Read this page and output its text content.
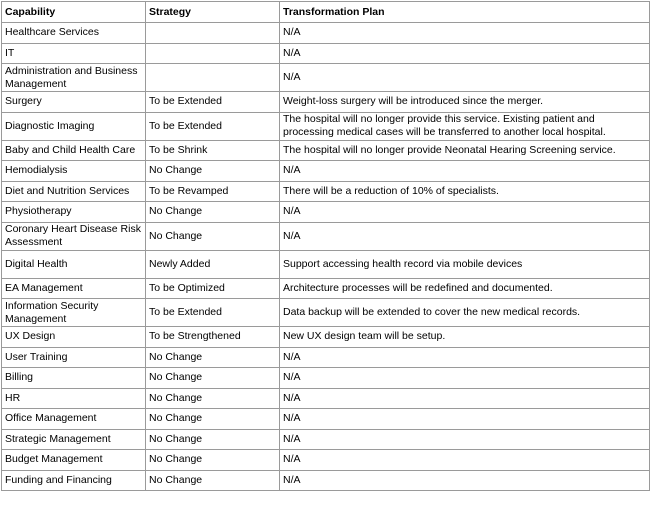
Capability	Strategy	Transformation Plan
Healthcare Services		N/A
IT		N/A
Administration and Business Management		N/A
Surgery	To be Extended	Weight-loss surgery will be introduced since the merger.
Diagnostic Imaging	To be Extended	The hospital will no longer provide this service. Existing patient and processing medical cases will be transferred to another local hospital.
Baby and Child Health Care	To be Shrink	The hospital will no longer provide Neonatal Hearing Screening service.
Hemodialysis	No Change	N/A
Diet and Nutrition Services	To be Revamped	There will be a reduction of 10% of specialists.
Physiotherapy	No Change	N/A
Coronary Heart Disease Risk Assessment	No Change	N/A
Digital Health	Newly Added	Support accessing health record via mobile devices
EA Management	To be Optimized	Architecture processes will be redefined and documented.
Information Security Management	To be Extended	Data backup will be extended to cover the new medical records.
UX Design	To be Strengthened	New UX design team will be setup.
User Training	No Change	N/A
Billing	No Change	N/A
HR	No Change	N/A
Office Management	No Change	N/A
Strategic Management	No Change	N/A
Budget Management	No Change	N/A
Funding and Financing	No Change	N/A
